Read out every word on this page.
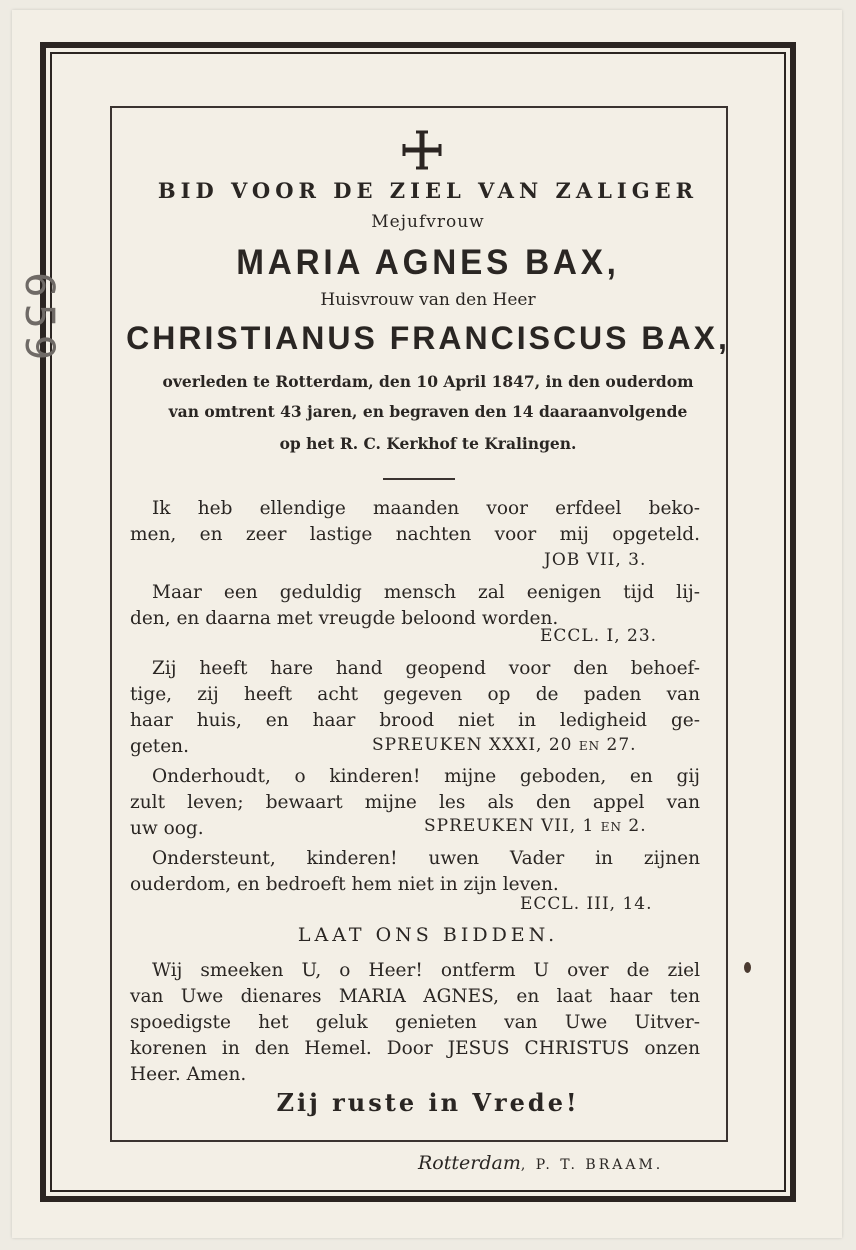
659
BID VOOR DE ZIEL VAN ZALIGER
Mejufvrouw
MARIA AGNES BAX,
Huisvrouw van den Heer
CHRISTIANUS FRANCISCUS BAX,
overleden te Rotterdam, den 10 April 1847, in den ouderdom
van omtrent 43 jaren, en begraven den 14 daaraanvolgende
op het R. C. Kerkhof te Kralingen.
Ik heb ellendige maanden voor erfdeel beko-
men, en zeer lastige nachten voor mij opgeteld.
JOB VII, 3.
Maar een geduldig mensch zal eenigen tijd lij-
den, en daarna met vreugde beloond worden.
ECCL. I, 23.
Zij heeft hare hand geopend voor den behoef-
tige, zij heeft acht gegeven op de paden van
haar huis, en haar brood niet in ledigheid ge-
geten.	SPREUKEN XXXI, 20 en 27.
Onderhoudt, o kinderen! mijne geboden, en gij
zult leven; bewaart mijne les als den appel van
uw oog.	SPREUKEN VII, 1 en 2.
Ondersteunt, kinderen! uwen Vader in zijnen
ouderdom, en bedroeft hem niet in zijn leven.
ECCL. III, 14.
LAAT ONS BIDDEN.
Wij smeeken U, o Heer! ontferm U over de ziel
van Uwe dienares MARIA AGNES, en laat haar ten
spoedigste het geluk genieten van Uwe Uitver-
korenen in den Hemel. Door JESUS CHRISTUS onzen
Heer. Amen.
Zij ruste in Vrede!
Rotterdam, P. T. BRAAM.
